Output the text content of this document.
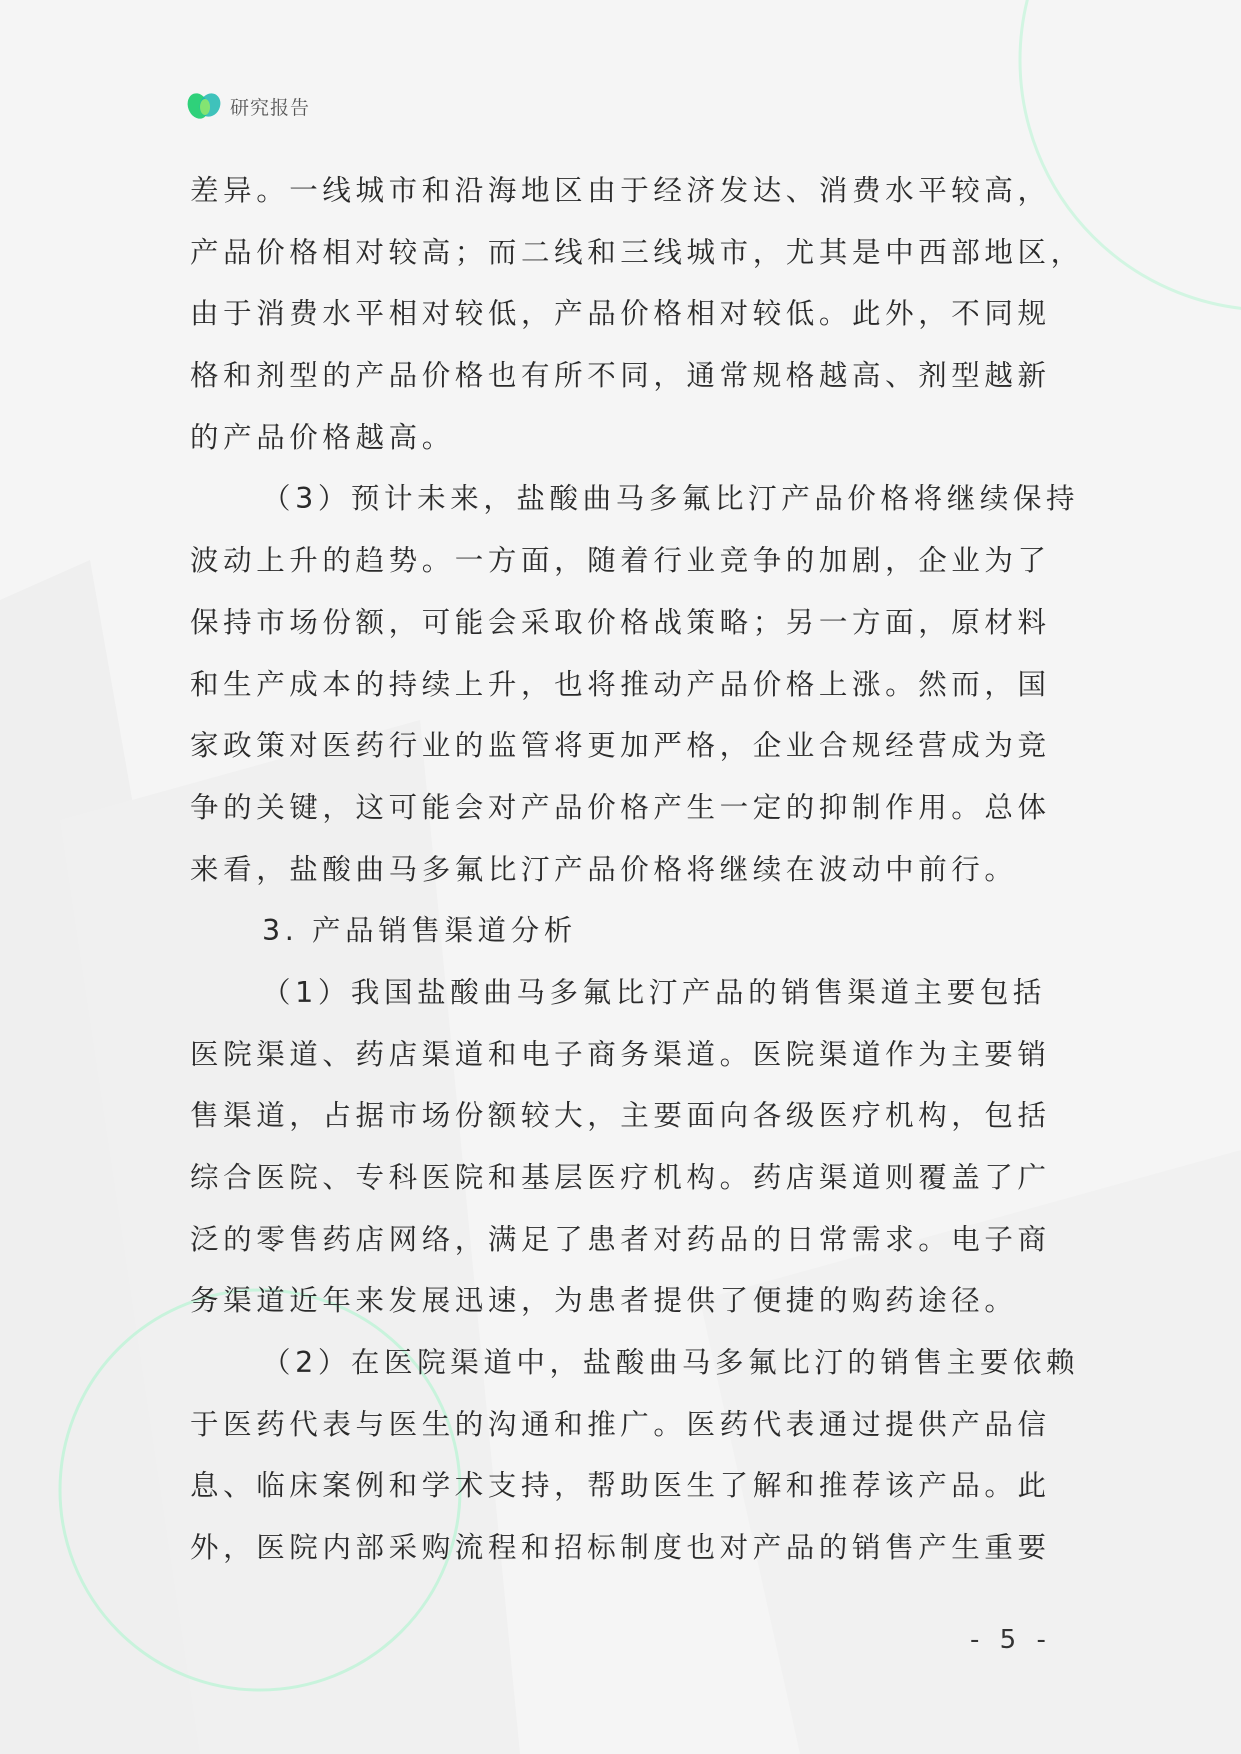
研究报告
差异。一线城市和沿海地区由于经济发达、消费水平较高，
产品价格相对较高；而二线和三线城市，尤其是中西部地区，
由于消费水平相对较低，产品价格相对较低。此外，不同规
格和剂型的产品价格也有所不同，通常规格越高、剂型越新
的产品价格越高。
（3）预计未来，盐酸曲马多氟比汀产品价格将继续保持
波动上升的趋势。一方面，随着行业竞争的加剧，企业为了
保持市场份额，可能会采取价格战策略；另一方面，原材料
和生产成本的持续上升，也将推动产品价格上涨。然而，国
家政策对医药行业的监管将更加严格，企业合规经营成为竞
争的关键，这可能会对产品价格产生一定的抑制作用。总体
来看，盐酸曲马多氟比汀产品价格将继续在波动中前行。
3. 产品销售渠道分析
（1）我国盐酸曲马多氟比汀产品的销售渠道主要包括
医院渠道、药店渠道和电子商务渠道。医院渠道作为主要销
售渠道，占据市场份额较大，主要面向各级医疗机构，包括
综合医院、专科医院和基层医疗机构。药店渠道则覆盖了广
泛的零售药店网络，满足了患者对药品的日常需求。电子商
务渠道近年来发展迅速，为患者提供了便捷的购药途径。
（2）在医院渠道中，盐酸曲马多氟比汀的销售主要依赖
于医药代表与医生的沟通和推广。医药代表通过提供产品信
息、临床案例和学术支持，帮助医生了解和推荐该产品。此
外，医院内部采购流程和招标制度也对产品的销售产生重要
- 5 -
